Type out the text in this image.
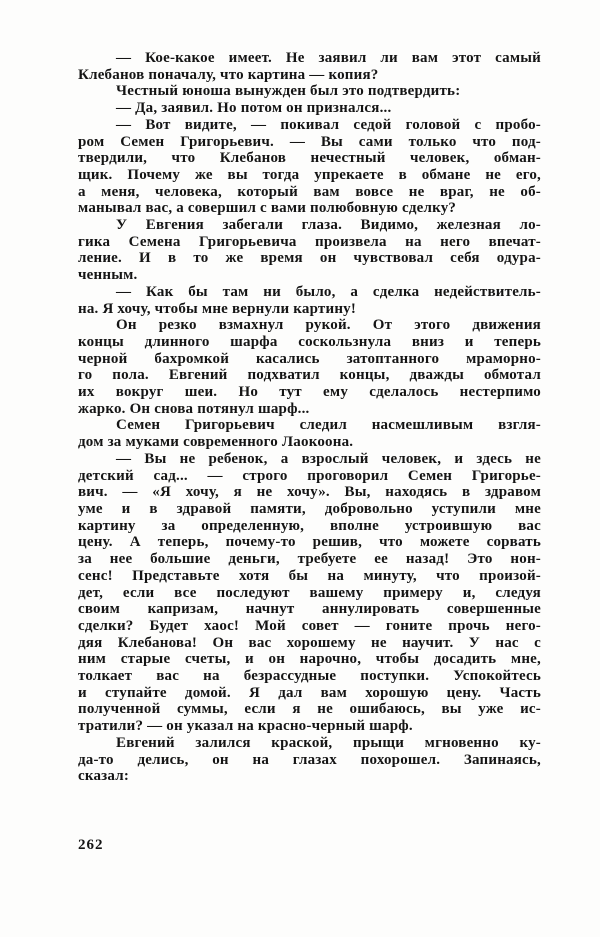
— Кое-какое имеет. Не заявил ли вам этот самый
Клебанов поначалу, что картина — копия?
Честный юноша вынужден был это подтвердить:
— Да, заявил. Но потом он признался...
— Вот видите, — покивал седой головой с пробо-
ром Семен Григорьевич. — Вы сами только что под-
твердили, что Клебанов нечестный человек, обман-
щик. Почему же вы тогда упрекаете в обмане не его,
а меня, человека, который вам вовсе не враг, не об-
манывал вас, а совершил с вами полюбовную сделку?
У Евгения забегали глаза. Видимо, железная ло-
гика Семена Григорьевича произвела на него впечат-
ление. И в то же время он чувствовал себя одура-
ченным.
— Как бы там ни было, а сделка недействитель-
на. Я хочу, чтобы мне вернули картину!
Он резко взмахнул рукой. От этого движения
концы длинного шарфа соскользнула вниз и теперь
черной бахромкой касались затоптанного мраморно-
го пола. Евгений подхватил концы, дважды обмотал
их вокруг шеи. Но тут ему сделалось нестерпимо
жарко. Он снова потянул шарф...
Семен Григорьевич следил насмешливым взгля-
дом за муками современного Лаокоона.
— Вы не ребенок, а взрослый человек, и здесь не
детский сад... — строго проговорил Семен Григорье-
вич. — «Я хочу, я не хочу». Вы, находясь в здравом
уме и в здравой памяти, добровольно уступили мне
картину за определенную, вполне устроившую вас
цену. А теперь, почему-то решив, что можете сорвать
за нее большие деньги, требуете ее назад! Это нон-
сенс! Представьте хотя бы на минуту, что произой-
дет, если все последуют вашему примеру и, следуя
своим капризам, начнут аннулировать совершенные
сделки? Будет хаос! Мой совет — гоните прочь него-
дяя Клебанова! Он вас хорошему не научит. У нас с
ним старые счеты, и он нарочно, чтобы досадить мне,
толкает вас на безрассудные поступки. Успокойтесь
и ступайте домой. Я дал вам хорошую цену. Часть
полученной суммы, если я не ошибаюсь, вы уже ис-
тратили? — он указал на красно-черный шарф.
Евгений залился краской, прыщи мгновенно ку-
да-то делись, он на глазах похорошел. Запинаясь,
сказал:
262
